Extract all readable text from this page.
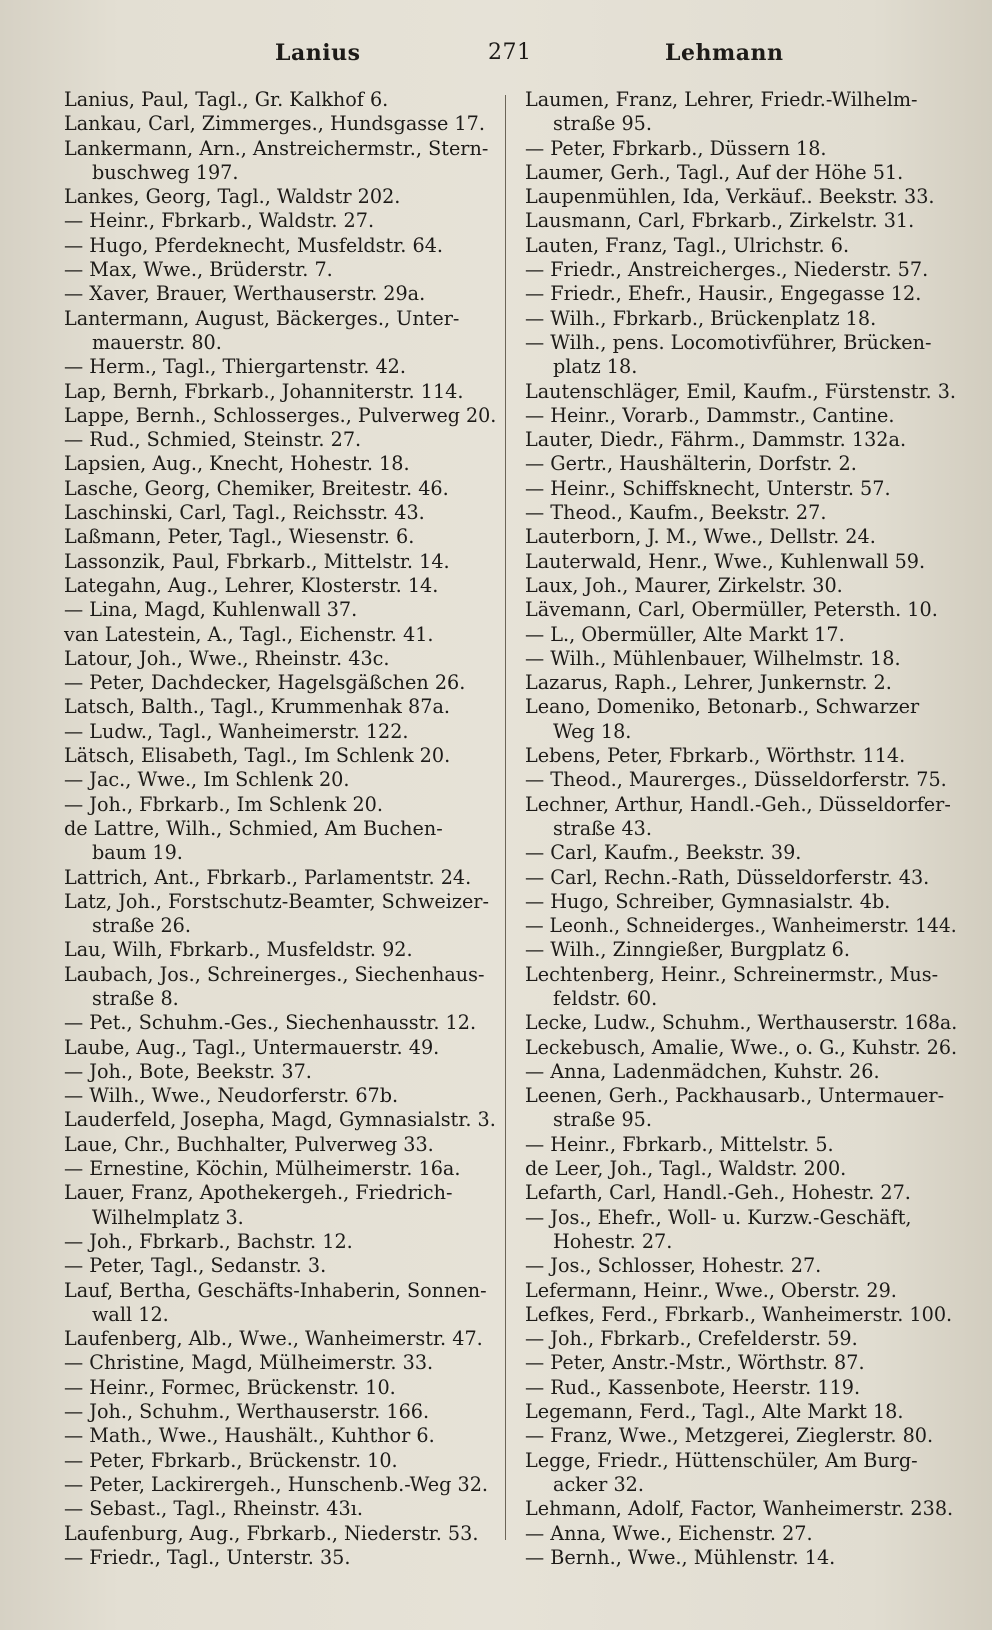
Lanius	271	Lehmann
Lanius, Paul, Tagl., Gr. Kalkhof 6.
Lankau, Carl, Zimmerges., Hundsgasse 17.
Lankermann, Arn., Anstreichermstr., Stern-

buschweg 197.
Lankes, Georg, Tagl., Waldstr 202.
— Heinr., Fbrkarb., Waldstr. 27.
— Hugo, Pferdeknecht, Musfeldstr. 64.
— Max, Wwe., Brüderstr. 7.
— Xaver, Brauer, Werthauserstr. 29a.
Lantermann, August, Bäckerges., Unter-

mauerstr. 80.
— Herm., Tagl., Thiergartenstr. 42.
Lap, Bernh, Fbrkarb., Johanniterstr. 114.
Lappe, Bernh., Schlosserges., Pulverweg 20.
— Rud., Schmied, Steinstr. 27.
Lapsien, Aug., Knecht, Hohestr. 18.
Lasche, Georg, Chemiker, Breitestr. 46.
Laschinski, Carl, Tagl., Reichsstr. 43.
Laßmann, Peter, Tagl., Wiesenstr. 6.
Lassonzik, Paul, Fbrkarb., Mittelstr. 14.
Lategahn, Aug., Lehrer, Klosterstr. 14.
— Lina, Magd, Kuhlenwall 37.
van Latestein, A., Tagl., Eichenstr. 41.
Latour, Joh., Wwe., Rheinstr. 43c.
— Peter, Dachdecker, Hagelsgäßchen 26.
Latsch, Balth., Tagl., Krummenhak 87a.
— Ludw., Tagl., Wanheimerstr. 122.
Lätsch, Elisabeth, Tagl., Im Schlenk 20.
— Jac., Wwe., Im Schlenk 20.
— Joh., Fbrkarb., Im Schlenk 20.
de Lattre, Wilh., Schmied, Am Buchen-

baum 19.
Lattrich, Ant., Fbrkarb., Parlamentstr. 24.
Latz, Joh., Forstschutz-Beamter, Schweizer-

straße 26.
Lau, Wilh, Fbrkarb., Musfeldstr. 92.
Laubach, Jos., Schreinerges., Siechenhaus-

straße 8.
— Pet., Schuhm.-Ges., Siechenhausstr. 12.
Laube, Aug., Tagl., Untermauerstr. 49.
— Joh., Bote, Beekstr. 37.
— Wilh., Wwe., Neudorferstr. 67b.
Lauderfeld, Josepha, Magd, Gymnasialstr. 3.
Laue, Chr., Buchhalter, Pulverweg 33.
— Ernestine, Köchin, Mülheimerstr. 16a.
Lauer, Franz, Apothekergeh., Friedrich-

Wilhelmplatz 3.
— Joh., Fbrkarb., Bachstr. 12.
— Peter, Tagl., Sedanstr. 3.
Lauf, Bertha, Geschäfts-Inhaberin, Sonnen-

wall 12.
Laufenberg, Alb., Wwe., Wanheimerstr. 47.
— Christine, Magd, Mülheimerstr. 33.
— Heinr., Formec, Brückenstr. 10.
— Joh., Schuhm., Werthauserstr. 166.
— Math., Wwe., Haushält., Kuhthor 6.
— Peter, Fbrkarb., Brückenstr. 10.
— Peter, Lackirergeh., Hunschenb.-Weg 32.
— Sebast., Tagl., Rheinstr. 43ı.
Laufenburg, Aug., Fbrkarb., Niederstr. 53.
— Friedr., Tagl., Unterstr. 35.
Laumen, Franz, Lehrer, Friedr.-Wilhelm-

straße 95.
— Peter, Fbrkarb., Düssern 18.
Laumer, Gerh., Tagl., Auf der Höhe 51.
Laupenmühlen, Ida, Verkäuf.. Beekstr. 33.
Lausmann, Carl, Fbrkarb., Zirkelstr. 31.
Lauten, Franz, Tagl., Ulrichstr. 6.
— Friedr., Anstreicherges., Niederstr. 57.
— Friedr., Ehefr., Hausir., Engegasse 12.
— Wilh., Fbrkarb., Brückenplatz 18.
— Wilh., pens. Locomotivführer, Brücken-

platz 18.
Lautenschläger, Emil, Kaufm., Fürstenstr. 3.
— Heinr., Vorarb., Dammstr., Cantine.
Lauter, Diedr., Fährm., Dammstr. 132a.
— Gertr., Haushälterin, Dorfstr. 2.
— Heinr., Schiffsknecht, Unterstr. 57.
— Theod., Kaufm., Beekstr. 27.
Lauterborn, J. M., Wwe., Dellstr. 24.
Lauterwald, Henr., Wwe., Kuhlenwall 59.
Laux, Joh., Maurer, Zirkelstr. 30.
Lävemann, Carl, Obermüller, Petersth. 10.
— L., Obermüller, Alte Markt 17.
— Wilh., Mühlenbauer, Wilhelmstr. 18.
Lazarus, Raph., Lehrer, Junkernstr. 2.
Leano, Domeniko, Betonarb., Schwarzer

Weg 18.
Lebens, Peter, Fbrkarb., Wörthstr. 114.
— Theod., Maurerges., Düsseldorferstr. 75.
Lechner, Arthur, Handl.-Geh., Düsseldorfer-

straße 43.
— Carl, Kaufm., Beekstr. 39.
— Carl, Rechn.-Rath, Düsseldorferstr. 43.
— Hugo, Schreiber, Gymnasialstr. 4b.
— Leonh., Schneiderges., Wanheimerstr. 144.
— Wilh., Zinngießer, Burgplatz 6.
Lechtenberg, Heinr., Schreinermstr., Mus-

feldstr. 60.
Lecke, Ludw., Schuhm., Werthauserstr. 168a.
Leckebusch, Amalie, Wwe., o. G., Kuhstr. 26.
— Anna, Ladenmädchen, Kuhstr. 26.
Leenen, Gerh., Packhausarb., Untermauer-

straße 95.
— Heinr., Fbrkarb., Mittelstr. 5.
de Leer, Joh., Tagl., Waldstr. 200.
Lefarth, Carl, Handl.-Geh., Hohestr. 27.
— Jos., Ehefr., Woll- u. Kurzw.-Geschäft,

Hohestr. 27.
— Jos., Schlosser, Hohestr. 27.
Lefermann, Heinr., Wwe., Oberstr. 29.
Lefkes, Ferd., Fbrkarb., Wanheimerstr. 100.
— Joh., Fbrkarb., Crefelderstr. 59.
— Peter, Anstr.-Mstr., Wörthstr. 87.
— Rud., Kassenbote, Heerstr. 119.
Legemann, Ferd., Tagl., Alte Markt 18.
— Franz, Wwe., Metzgerei, Zieglerstr. 80.
Legge, Friedr., Hüttenschüler, Am Burg-

acker 32.
Lehmann, Adolf, Factor, Wanheimerstr. 238.
— Anna, Wwe., Eichenstr. 27.
— Bernh., Wwe., Mühlenstr. 14.
